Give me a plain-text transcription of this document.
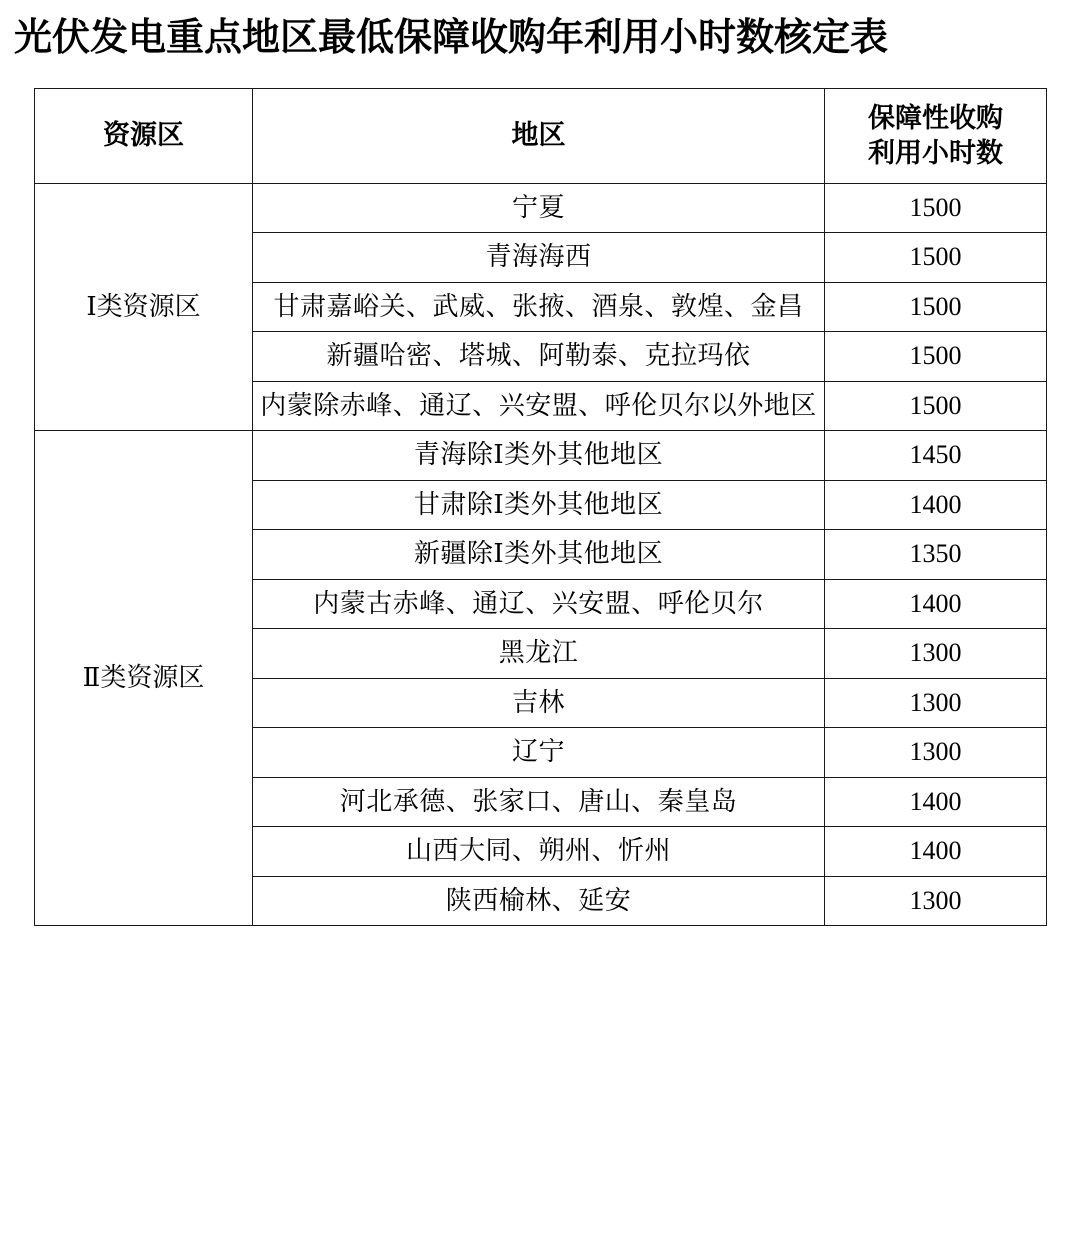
光伏发电重点地区最低保障收购年利用小时数核定表
资源区	地区	保障性收购
利用小时数

Ⅰ类资源区	宁夏	1500
	青海海西	1500
	甘肃嘉峪关、武威、张掖、酒泉、敦煌、金昌	1500
	新疆哈密、塔城、阿勒泰、克拉玛依	1500
	内蒙除赤峰、通辽、兴安盟、呼伦贝尔以外地区	1500
Ⅱ类资源区	青海除Ⅰ类外其他地区	1450
	甘肃除Ⅰ类外其他地区	1400
	新疆除Ⅰ类外其他地区	1350
	内蒙古赤峰、通辽、兴安盟、呼伦贝尔	1400
	黑龙江	1300
	吉林	1300
	辽宁	1300
	河北承德、张家口、唐山、秦皇岛	1400
	山西大同、朔州、忻州	1400
	陕西榆林、延安	1300
